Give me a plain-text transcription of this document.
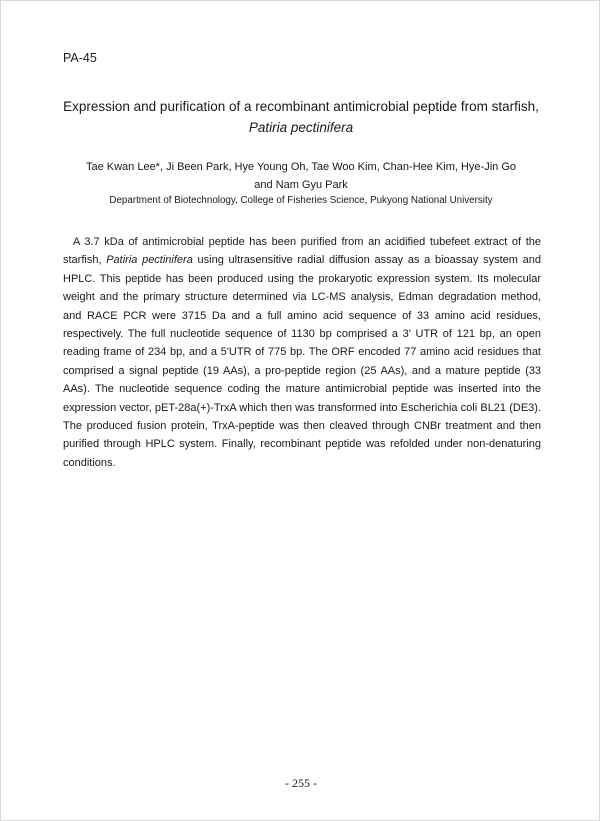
PA-45
Expression and purification of a recombinant antimicrobial peptide from starfish,
Patiria pectinifera
Tae Kwan Lee*, Ji Been Park, Hye Young Oh, Tae Woo Kim, Chan-Hee Kim, Hye-Jin Go
and Nam Gyu Park
Department of Biotechnology, College of Fisheries Science, Pukyong National University

A 3.7 kDa of antimicrobial peptide has been purified from an acidified tubefeet extract of the starfish, Patiria pectinifera using ultrasensitive radial diffusion assay as a bioassay system and HPLC. This peptide has been produced using the prokaryotic expression system. Its molecular weight and the primary structure determined via LC-MS analysis, Edman degradation method, and RACE PCR were 3715 Da and a full amino acid sequence of 33 amino acid residues, respectively. The full nucleotide sequence of 1130 bp comprised a 3' UTR of 121 bp, an open reading frame of 234 bp, and a 5'UTR of 775 bp. The ORF encoded 77 amino acid residues that comprised a signal peptide (19 AAs), a pro-peptide region (25 AAs), and a mature peptide (33 AAs). The nucleotide sequence coding the mature antimicrobial peptide was inserted into the expression vector, pET-28a(+)-TrxA which then was transformed into Escherichia coli BL21 (DE3). The produced fusion protein, TrxA-peptide was then cleaved through CNBr treatment and then purified through HPLC system. Finally, recombinant peptide was refolded under non-denaturing conditions.

- 255 -
